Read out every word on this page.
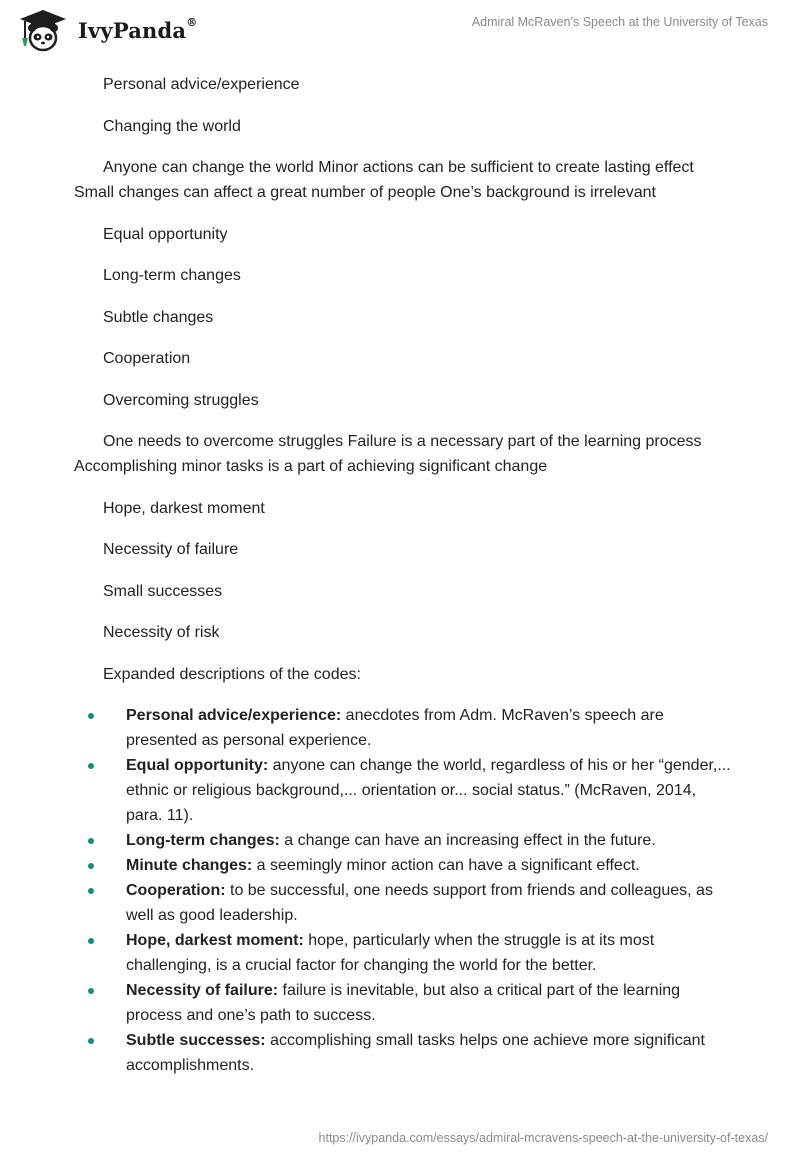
IvyPanda®	Admiral McRaven’s Speech at the University of Texas

Personal advice/experience

Changing the world

Anyone can change the world Minor actions can be sufficient to create lasting effect Small changes can affect a great number of people One’s background is irrelevant

Equal opportunity

Long-term changes

Subtle changes

Cooperation

Overcoming struggles

One needs to overcome struggles Failure is a necessary part of the learning process Accomplishing minor tasks is a part of achieving significant change

Hope, darkest moment

Necessity of failure

Small successes

Necessity of risk

Expanded descriptions of the codes:

Personal advice/experience: anecdotes from Adm. McRaven’s speech are presented as personal experience.
Equal opportunity: anyone can change the world, regardless of his or her “gender,... ethnic or religious background,... orientation or... social status.” (McRaven, 2014, para. 11).
Long-term changes: a change can have an increasing effect in the future.
Minute changes: a seemingly minor action can have a significant effect.
Cooperation: to be successful, one needs support from friends and colleagues, as well as good leadership.
Hope, darkest moment: hope, particularly when the struggle is at its most challenging, is a crucial factor for changing the world for the better.
Necessity of failure: failure is inevitable, but also a critical part of the learning process and one’s path to success.
Subtle successes: accomplishing small tasks helps one achieve more significant accomplishments.
https://ivypanda.com/essays/admiral-mcravens-speech-at-the-university-of-texas/
